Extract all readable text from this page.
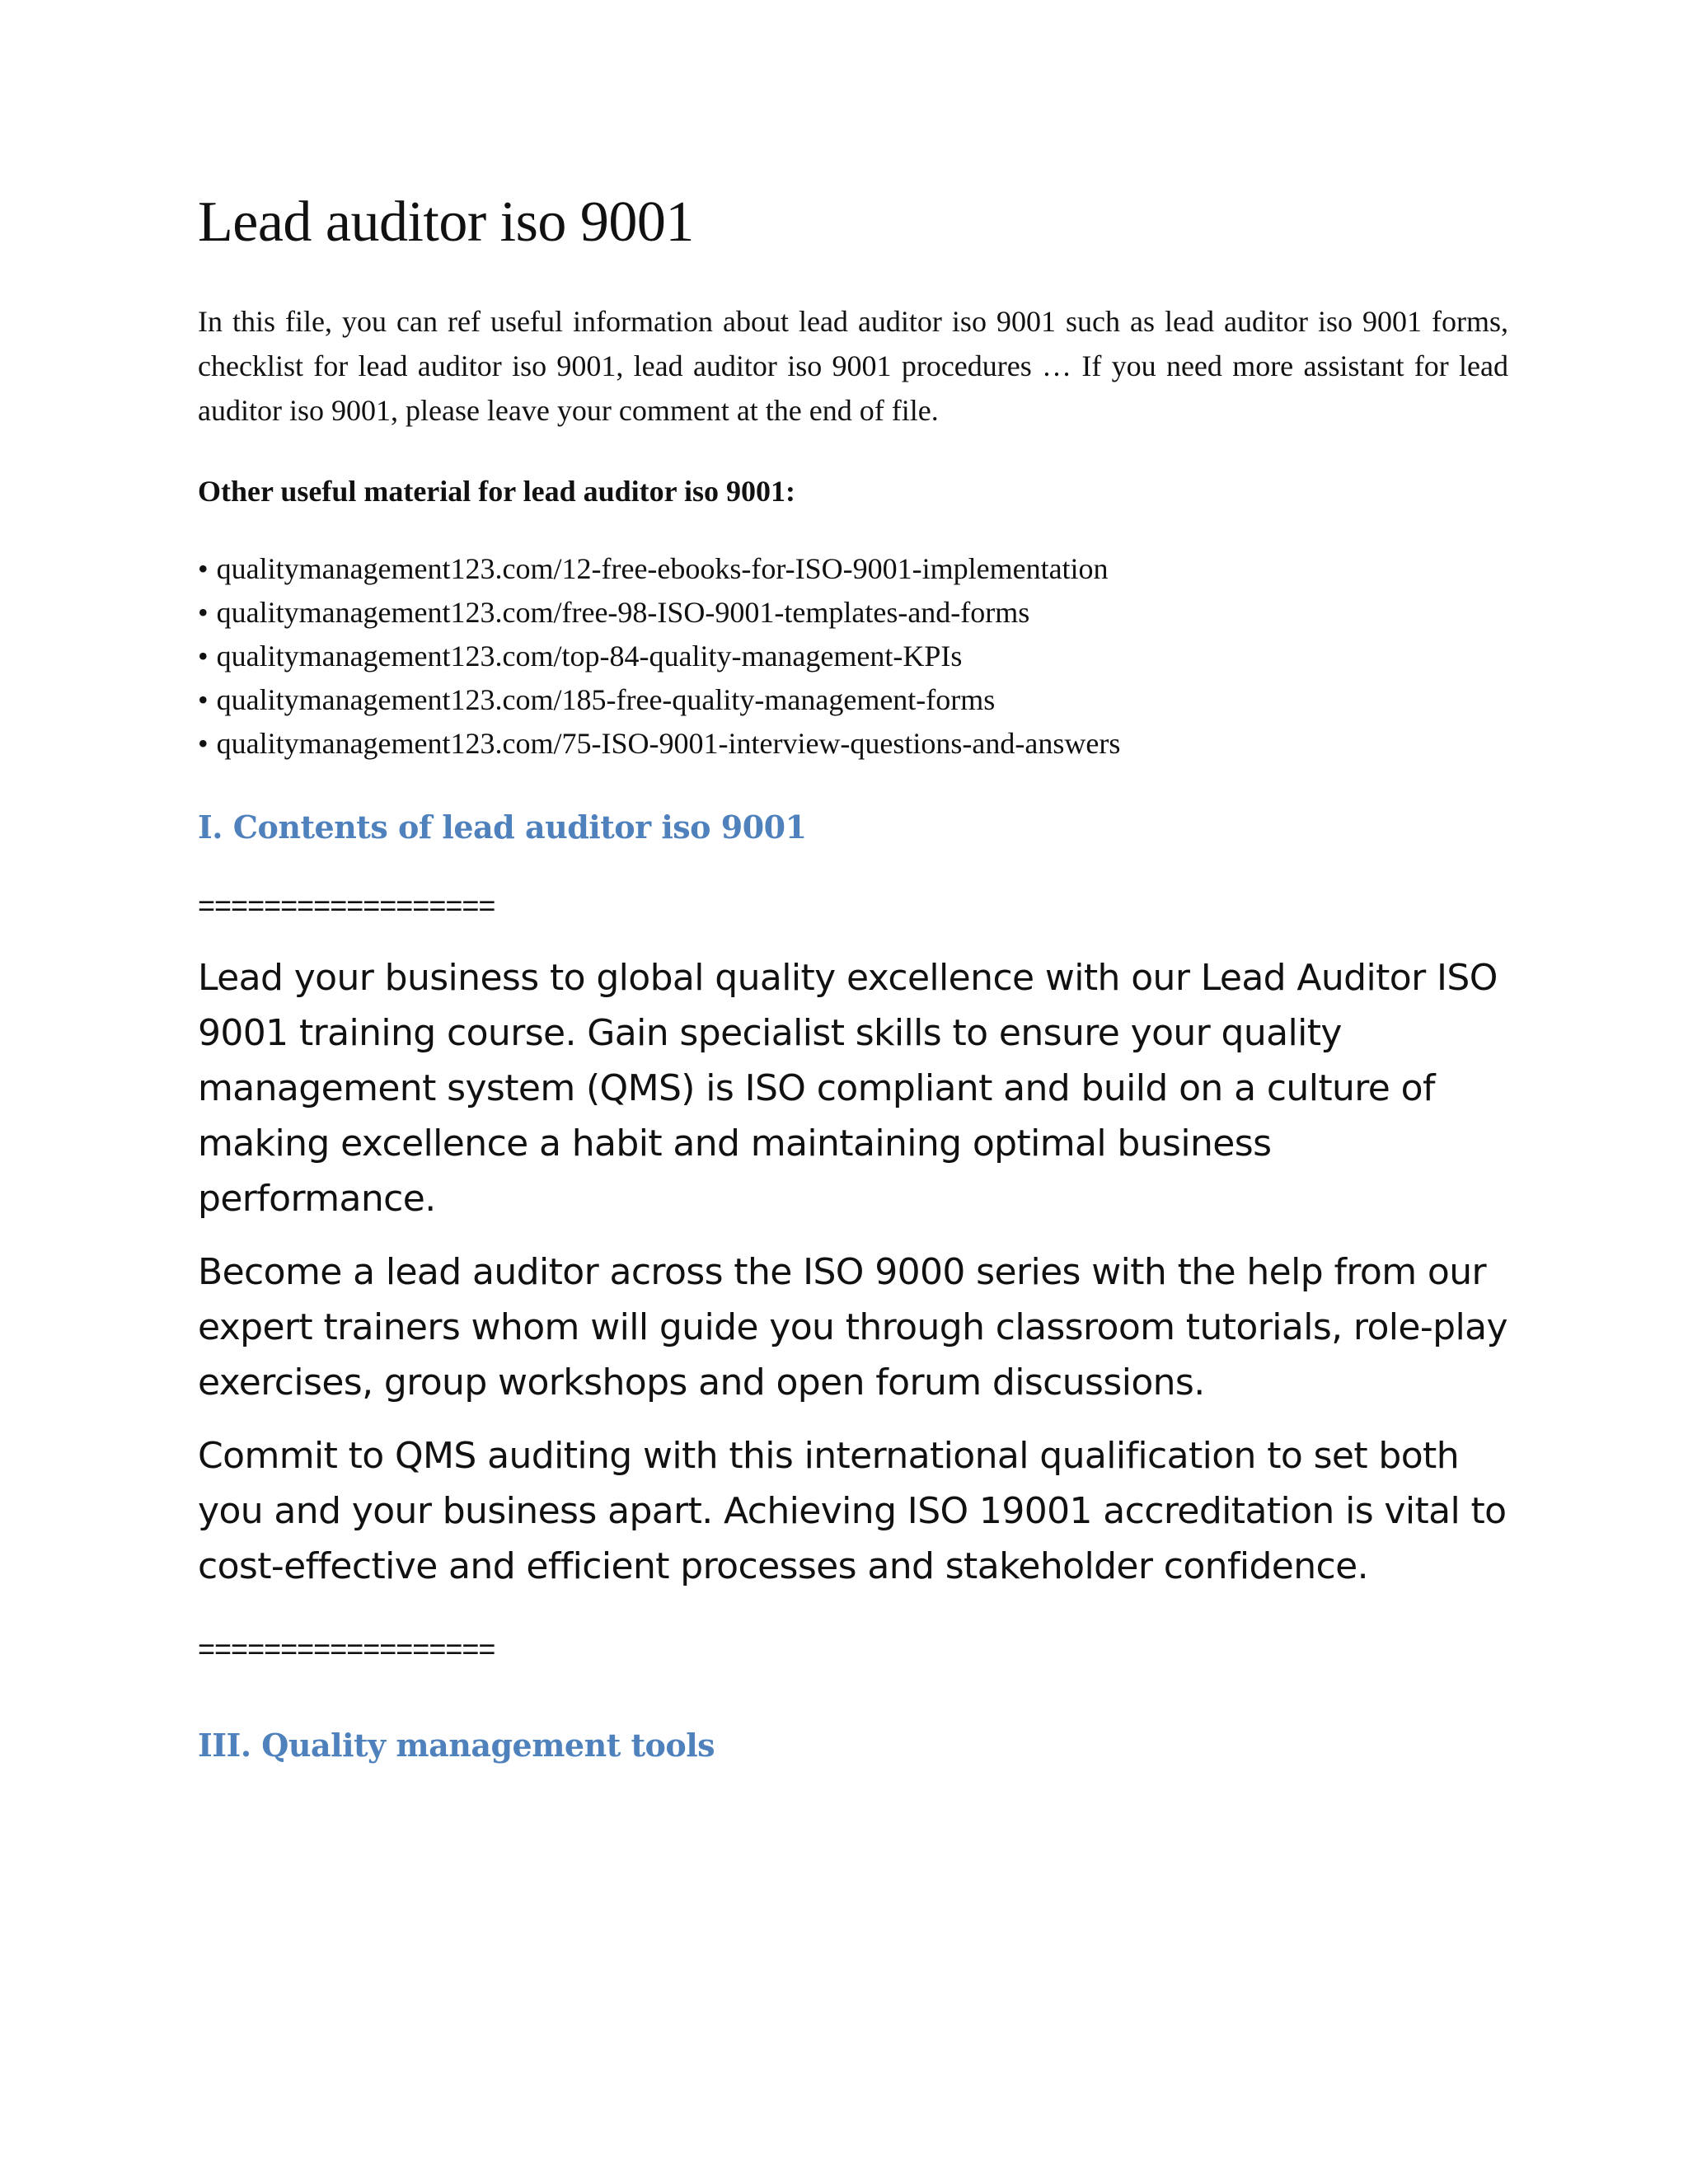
Lead auditor iso 9001

In this file, you can ref useful information about lead auditor iso 9001 such as lead auditor iso 9001 forms, checklist for lead auditor iso 9001, lead auditor iso 9001 procedures … If you need more assistant for lead auditor iso 9001, please leave your comment at the end of file.

Other useful material for lead auditor iso 9001:

• qualitymanagement123.com/12-free-ebooks-for-ISO-9001-implementation
• qualitymanagement123.com/free-98-ISO-9001-templates-and-forms
• qualitymanagement123.com/top-84-quality-management-KPIs
• qualitymanagement123.com/185-free-quality-management-forms
• qualitymanagement123.com/75-ISO-9001-interview-questions-and-answers
I. Contents of lead auditor iso 9001
==================

Lead your business to global quality excellence with our Lead Auditor ISO 9001 training course. Gain specialist skills to ensure your quality management system (QMS) is ISO compliant and build on a culture of making excellence a habit and maintaining optimal business performance.

Become a lead auditor across the ISO 9000 series with the help from our expert trainers whom will guide you through classroom tutorials, role-play exercises, group workshops and open forum discussions.

Commit to QMS auditing with this international qualification to set both you and your business apart. Achieving ISO 19001 accreditation is vital to cost-effective and efficient processes and stakeholder confidence.

==================
III. Quality management tools
